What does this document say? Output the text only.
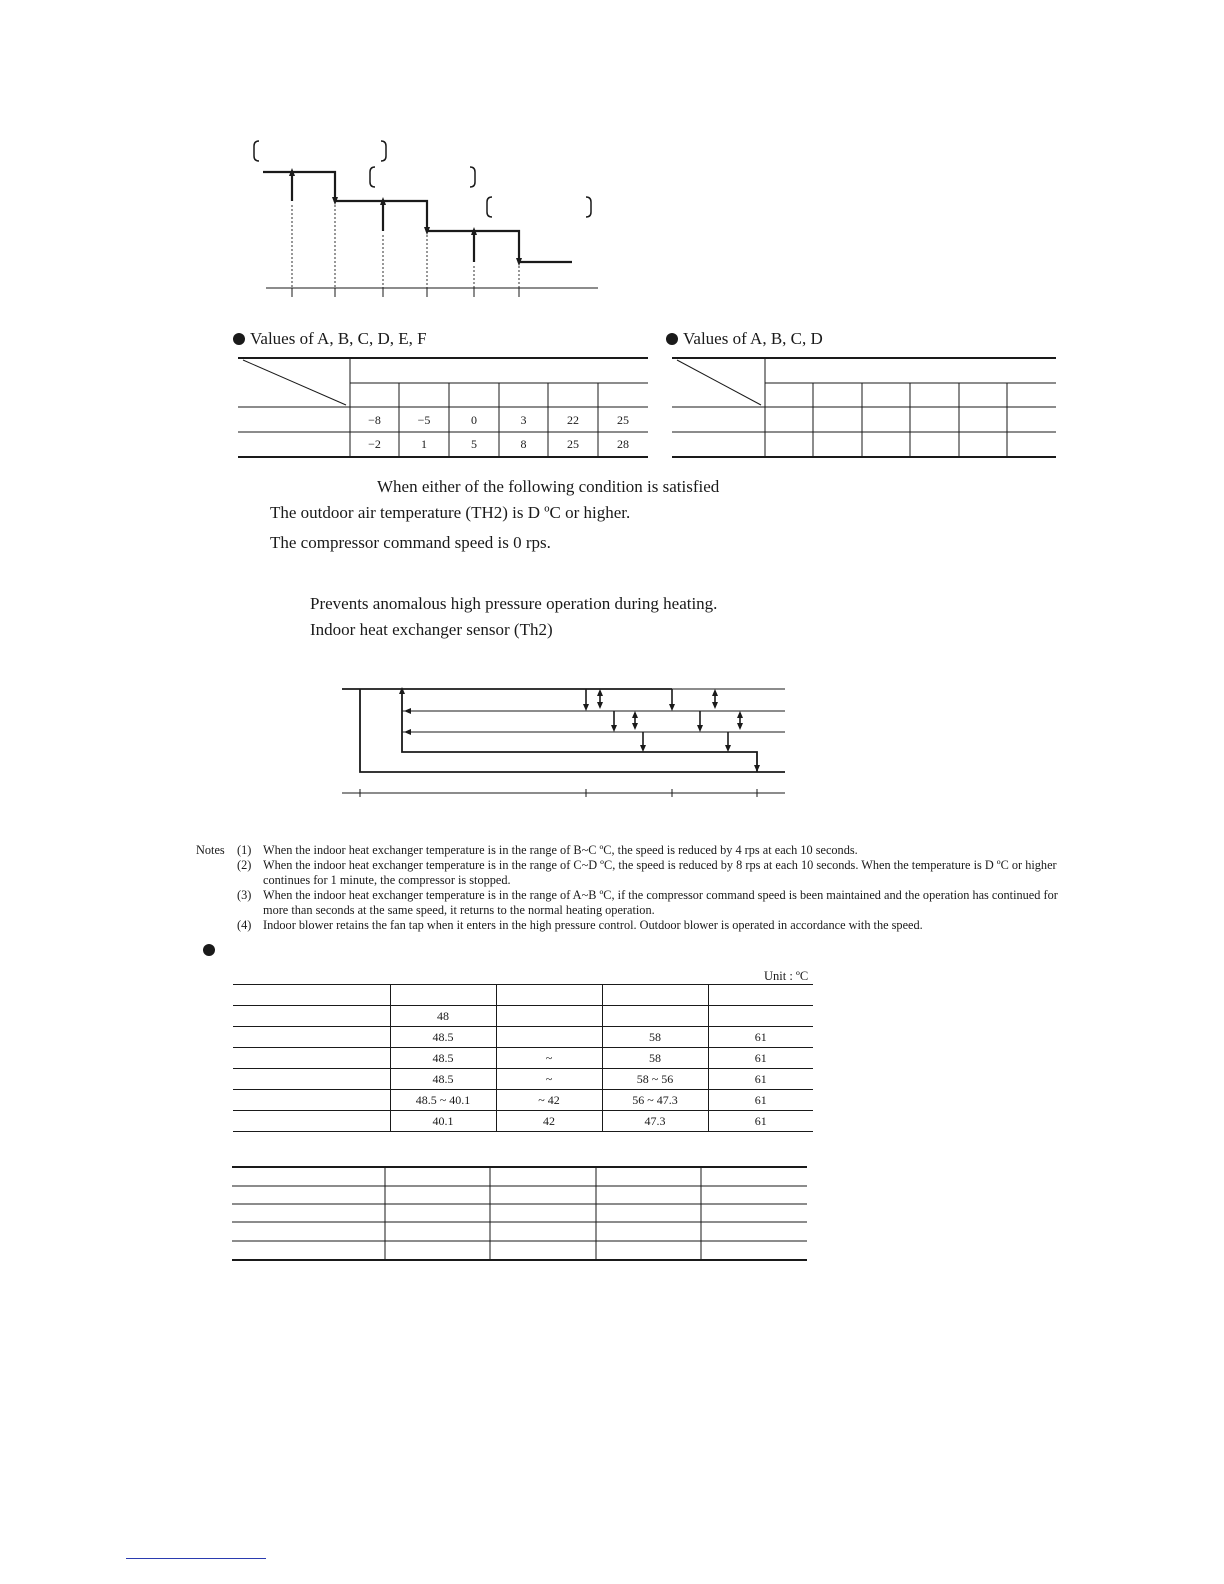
Values of A, B, C, D, E, F	Values of A, B, C, D
−8	−5	0	3	22	25
−2	1	5	8	25	28
When either of the following condition is satisfied
The outdoor air temperature (TH2) is D ºC or higher.
The compressor command speed is 0 rps.
Prevents anomalous high pressure operation during heating.
Indoor heat exchanger sensor (Th2)
Notes (1) When the indoor heat exchanger temperature is in the range of B~C ºC, the speed is reduced by 4 rps at each 10 seconds.
(2) When the indoor heat exchanger temperature is in the range of C~D ºC, the speed is reduced by 8 rps at each 10 seconds. When the temperature is D ºC or higher continues for 1 minute, the compressor is stopped.
(3) When the indoor heat exchanger temperature is in the range of A~B ºC, if the compressor command speed is been maintained and the operation has continued for more than seconds at the same speed, it returns to the normal heating operation.
(4) Indoor blower retains the fan tap when it enters in the high pressure control. Outdoor blower is operated in accordance with the speed.
Unit : ºC

	48			
	48.5		58	61
	48.5	~	58	61
	48.5	~	58 ~ 56	61
	48.5 ~ 40.1	~ 42	56 ~ 47.3	61
	40.1	42	47.3	61
